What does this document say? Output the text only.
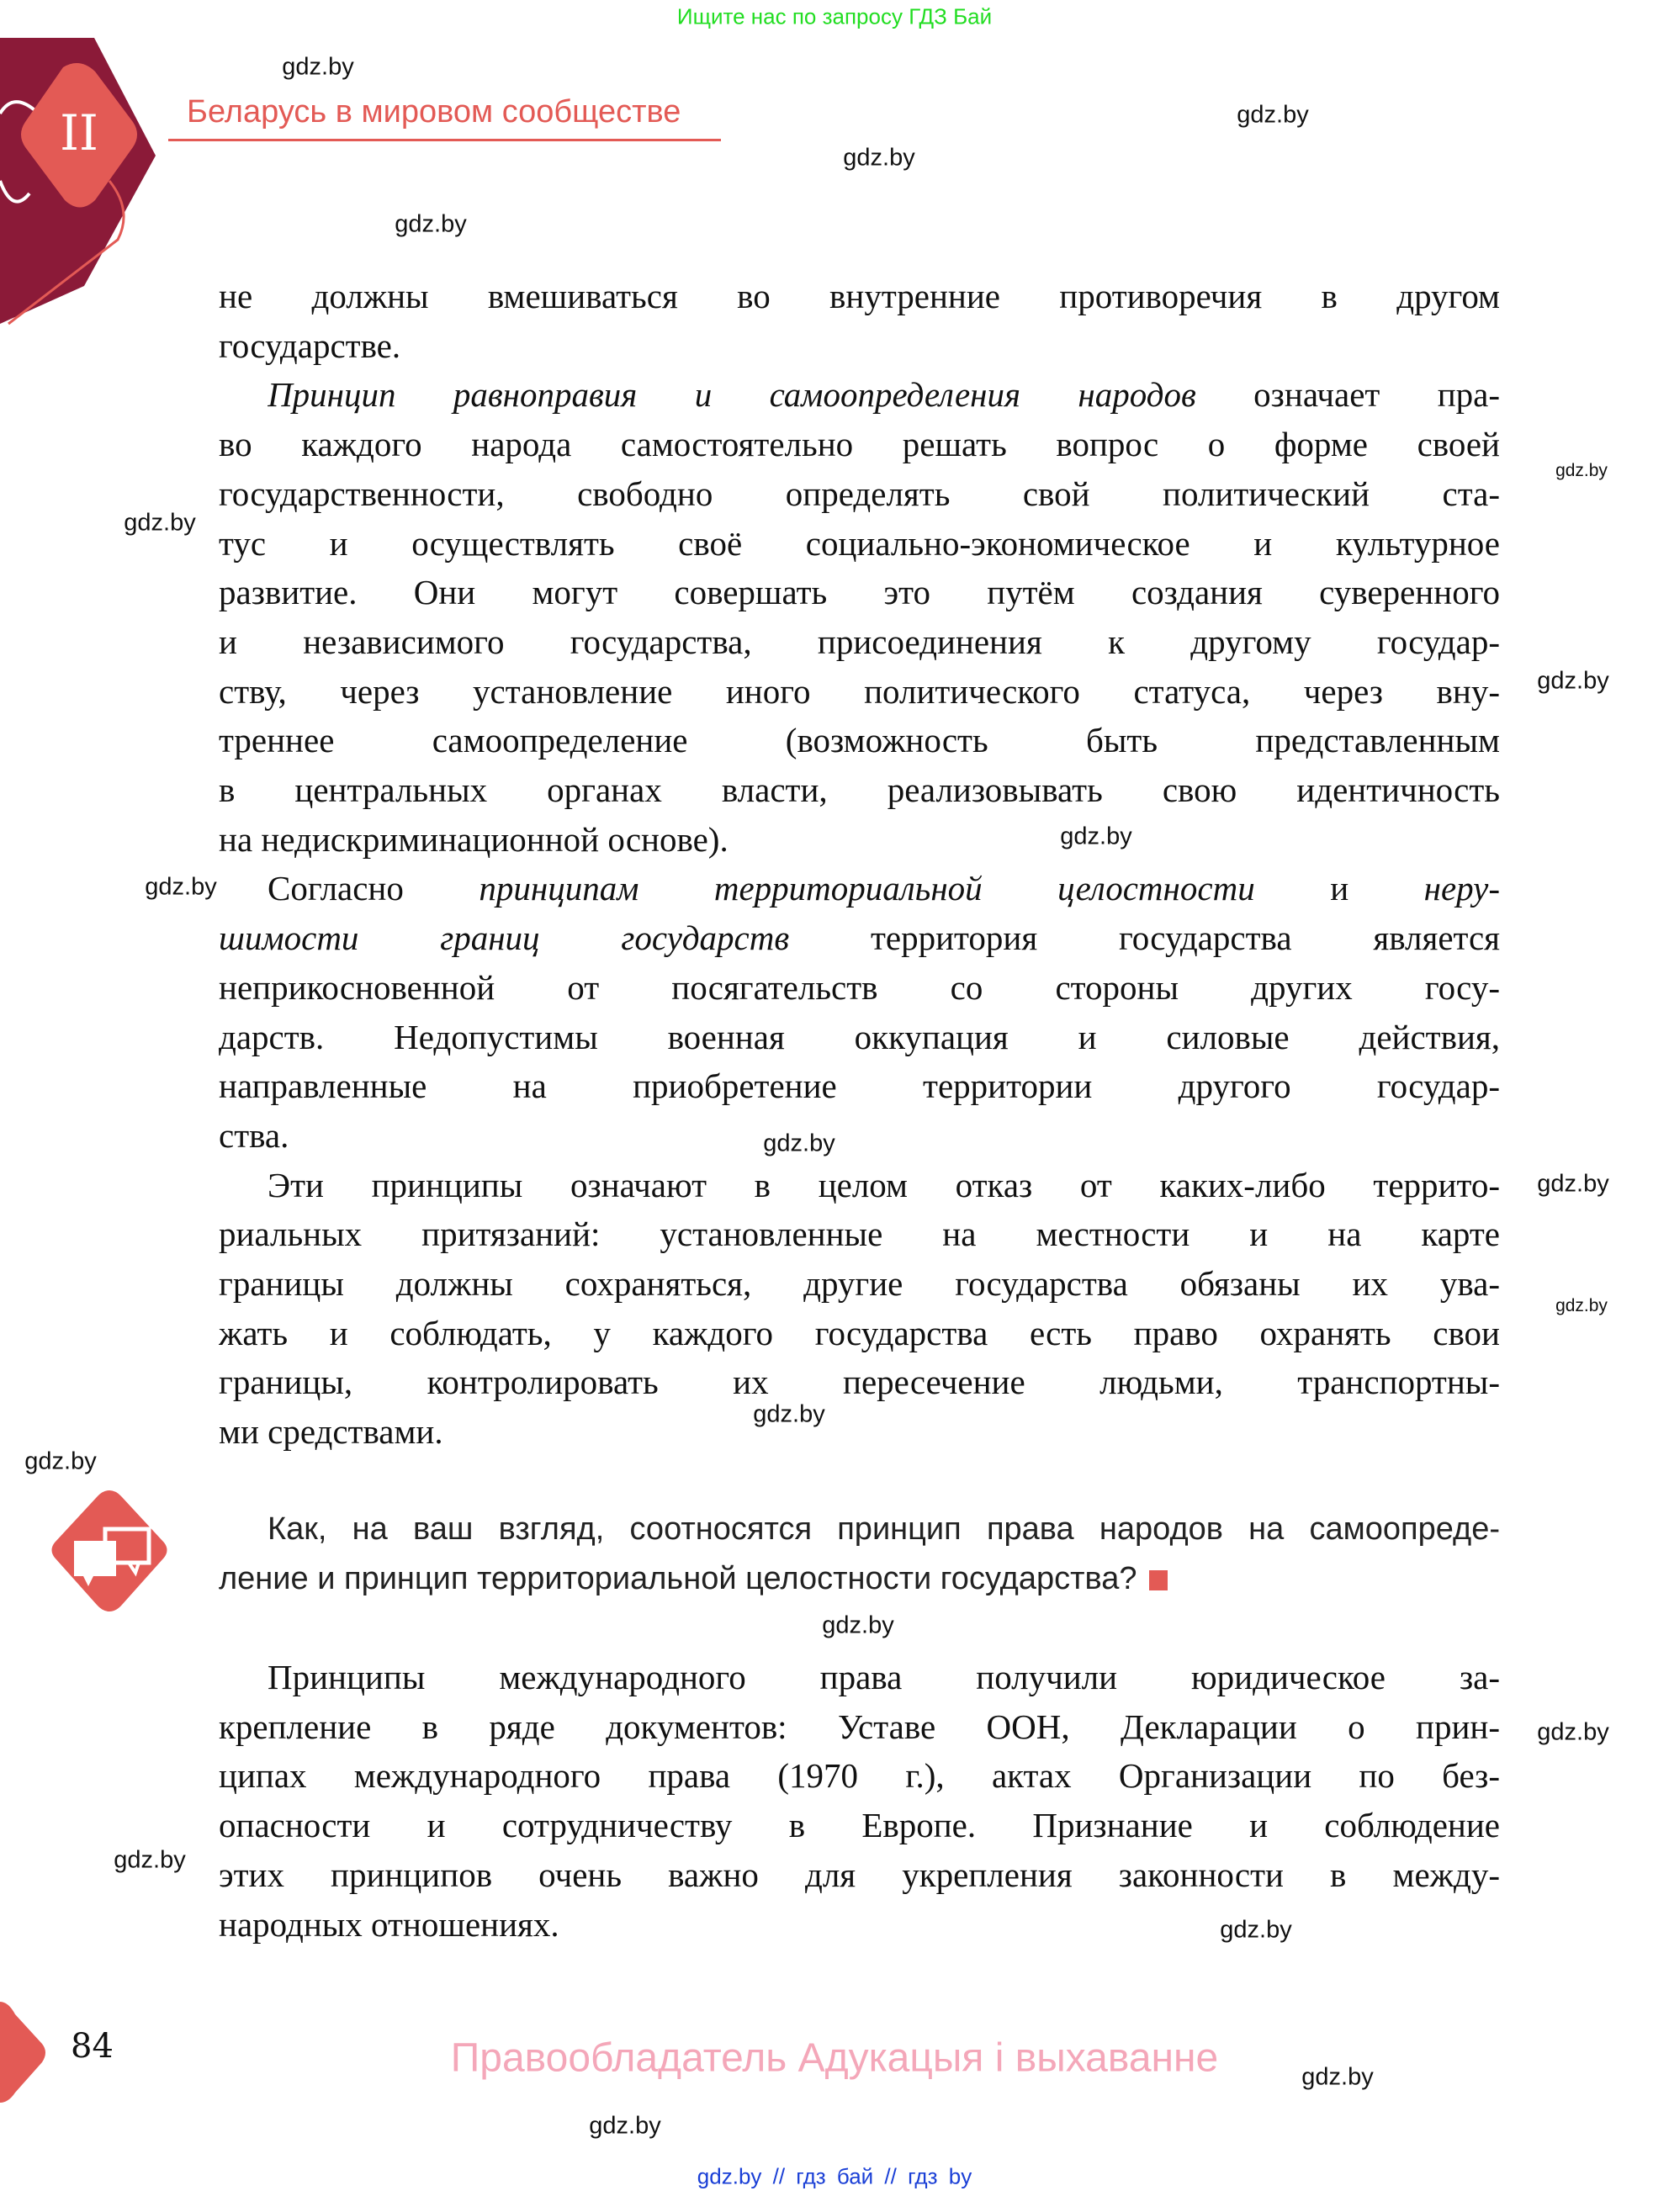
Ищите нас по запросу ГДЗ Бай
II	Беларусь в мировом сообществе
не должны вмешиваться во внутренние противоречия в другом
государстве.
Принцип равноправия и самоопределения народов означает пра-
во каждого народа самостоятельно решать вопрос о форме своей
государственности, свободно определять свой политический ста-
тус и осуществлять своё социально-экономическое и культурное
развитие. Они могут совершать это путём создания суверенного
и независимого государства, присоединения к другому государ-
ству, через установление иного политического статуса, через вну-
треннее самоопределение (возможность быть представленным
в центральных органах власти, реализовывать свою идентичность
на недискриминационной основе).
Согласно принципам территориальной целостности и нeру-
шимости границ государств территория государства является
неприкосновенной от посягательств со стороны других госу-
дарств. Недопустимы военная оккупация и силовые действия,
направленные на приобретение территории другого государ-
ства.
Эти принципы означают в целом отказ от каких-либо террито-
риальных притязаний: установленные на местности и на карте
границы должны сохраняться, другие государства обязаны их ува-
жать и соблюдать, у каждого государства есть право охранять свои
границы, контролировать их пересечение людьми, транспортны-
ми средствами.
Принципы международного права получили юридическое за-
крепление в ряде документов: Уставе ООН, Декларации о прин-
ципах международного права (1970 г.), актах Организации по без-
опасности и сотрудничеству в Европе. Признание и соблюдение
этих принципов очень важно для укрепления законности в между-
народных отношениях.
Как, на ваш взгляд, соотносятся принцип права народов на самоопреде-
ление и принцип территориальной целостности государства?
84	Правообладатель Адукацыя і выхаванне
gdz.by
gdz.by
gdz.by
gdz.by
gdz.by
gdz.by
gdz.by
gdz.by
gdz.by
gdz.by
gdz.by
gdz.by
gdz.by
gdz.by
gdz.by
gdz.by
gdz.by
gdz.by
gdz.by
gdz.by
gdz.by // гдз бай // гдз by
